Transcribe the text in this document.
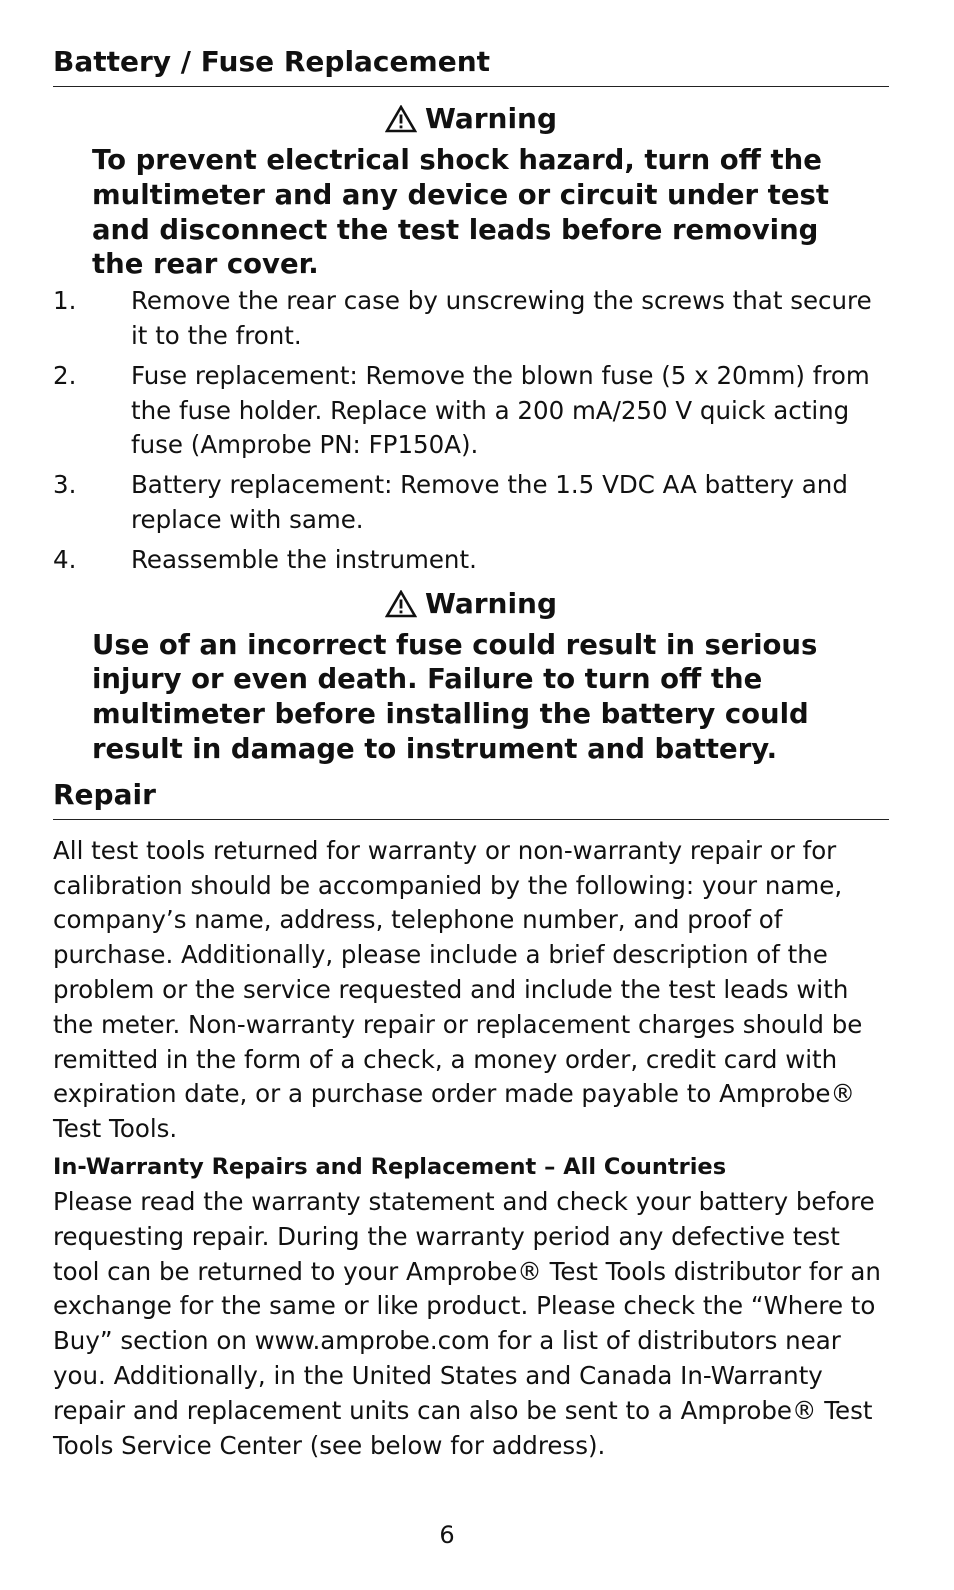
Battery / Fuse Replacement
Warning
To prevent electrical shock hazard, turn off the multimeter and any device or circuit under test and disconnect the test leads before removing the rear cover.
1.	Remove the rear case by unscrewing the screws that secure it to the front.
2.	Fuse replacement: Remove the blown fuse (5 x 20mm) from the fuse holder. Replace with a 200 mA/250 V quick acting fuse (Amprobe PN: FP150A).
3.	Battery replacement: Remove the 1.5 VDC AA battery and replace with same.
4.	Reassemble the instrument.
Warning
Use of an incorrect fuse could result in serious injury or even death. Failure to turn off the multimeter before installing the battery could result in damage to instrument and battery.
Repair

All test tools returned for warranty or non-warranty repair or for calibration should be accompanied by the following: your name, company’s name, address, telephone number, and proof of purchase. Additionally, please include a brief description of the problem or the service requested and include the test leads with the meter. Non-warranty repair or replacement charges should be remitted in the form of a check, a money order, credit card with expiration date, or a purchase order made payable to Amprobe® Test Tools.

In-Warranty Repairs and Replacement – All Countries

Please read the warranty statement and check your battery before requesting repair. During the warranty period any defective test tool can be returned to your Amprobe® Test Tools distributor for an exchange for the same or like product. Please check the “Where to Buy” section on www.amprobe.com for a list of distributors near you. Additionally, in the United States and Canada In-Warranty repair and replacement units can also be sent to a Amprobe® Test Tools Service Center (see below for address).

6
